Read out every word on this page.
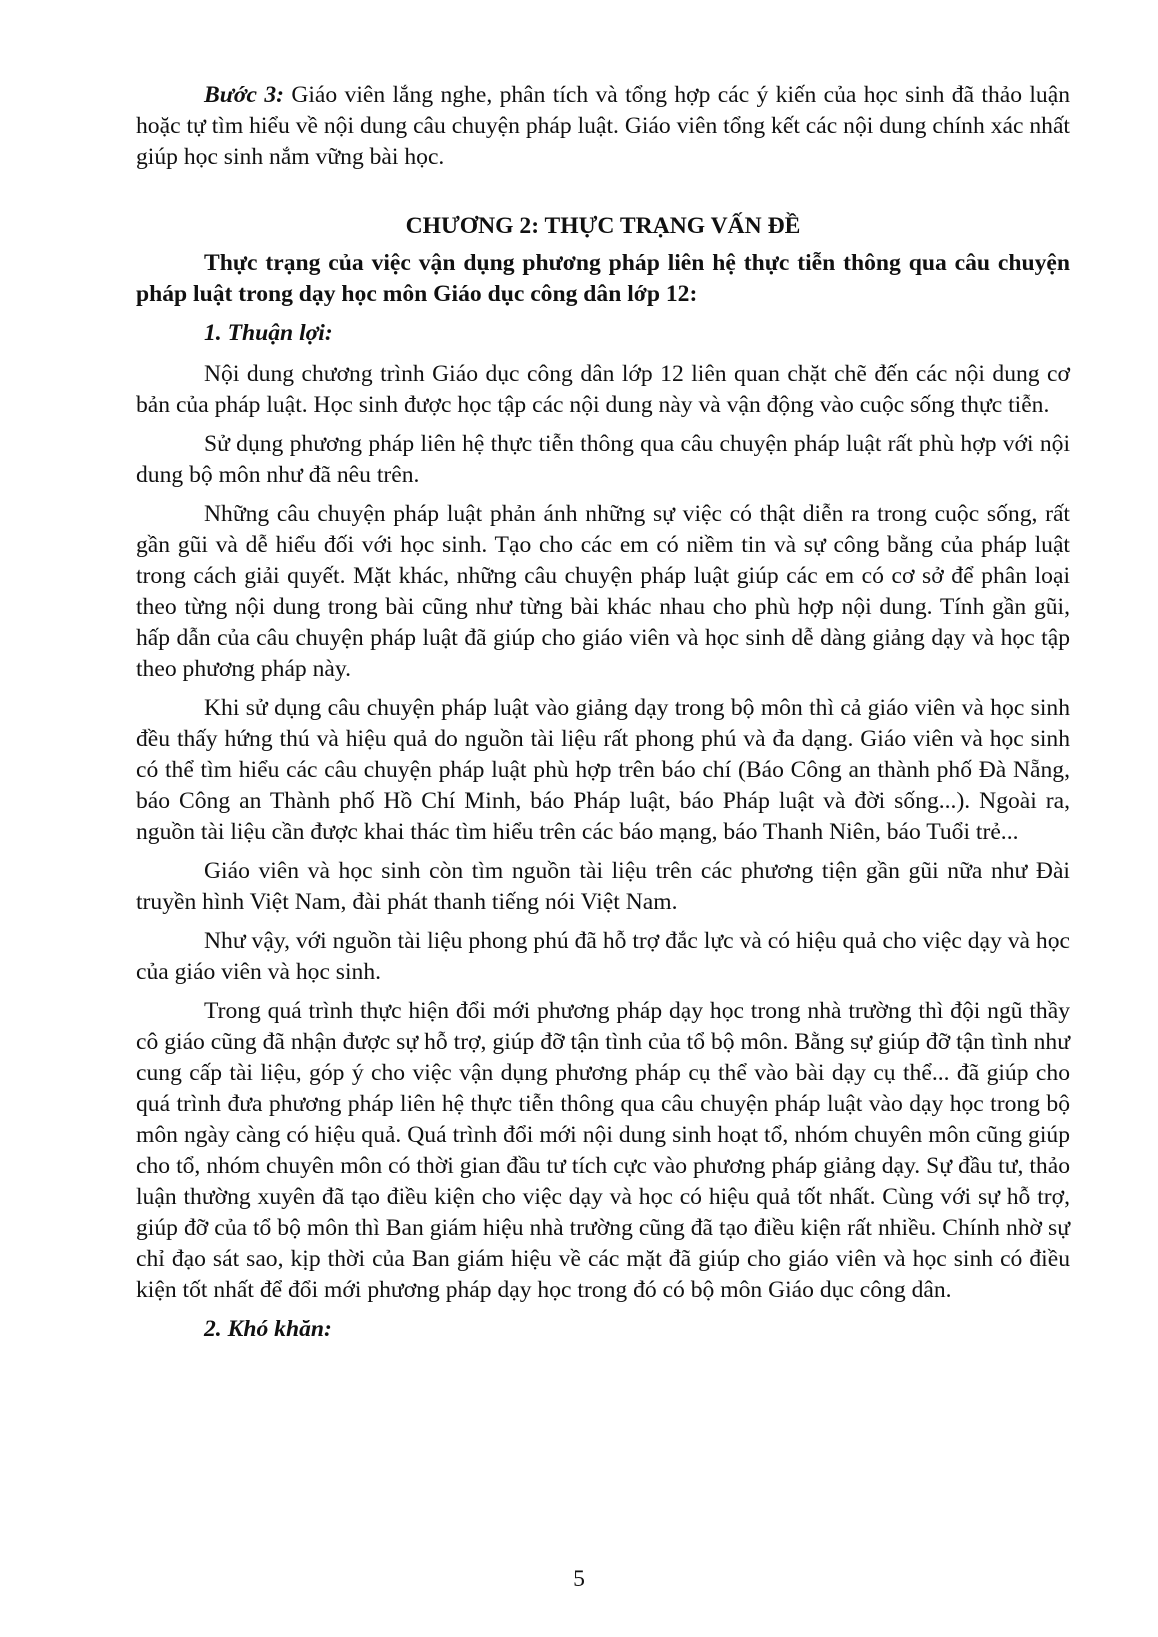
Bước 3: Giáo viên lắng nghe, phân tích và tổng hợp các ý kiến của học sinh đã thảo luận hoặc tự tìm hiểu về nội dung câu chuyện pháp luật. Giáo viên tổng kết các nội dung chính xác nhất giúp học sinh nắm vững bài học.

CHƯƠNG 2: THỰC TRẠNG VẤN ĐỀ

Thực trạng của việc vận dụng phương pháp liên hệ thực tiễn thông qua câu chuyện pháp luật trong dạy học môn Giáo dục công dân lớp 12:

1. Thuận lợi:

Nội dung chương trình Giáo dục công dân lớp 12 liên quan chặt chẽ đến các nội dung cơ bản của pháp luật. Học sinh được học tập các nội dung này và vận động vào cuộc sống thực tiễn.

Sử dụng phương pháp liên hệ thực tiễn thông qua câu chuyện pháp luật rất phù hợp với nội dung bộ môn như đã nêu trên.

Những câu chuyện pháp luật phản ánh những sự việc có thật diễn ra trong cuộc sống, rất gần gũi và dễ hiểu đối với học sinh. Tạo cho các em có niềm tin và sự công bằng của pháp luật trong cách giải quyết. Mặt khác, những câu chuyện pháp luật giúp các em có cơ sở để phân loại theo từng nội dung trong bài cũng như từng bài khác nhau cho phù hợp nội dung. Tính gần gũi, hấp dẫn của câu chuyện pháp luật đã giúp cho giáo viên và học sinh dễ dàng giảng dạy và học tập theo phương pháp này.

Khi sử dụng câu chuyện pháp luật vào giảng dạy trong bộ môn thì cả giáo viên và học sinh đều thấy hứng thú và hiệu quả do nguồn tài liệu rất phong phú và đa dạng. Giáo viên và học sinh có thể tìm hiểu các câu chuyện pháp luật phù hợp trên báo chí (Báo Công an thành phố Đà Nẵng, báo Công an Thành phố Hồ Chí Minh, báo Pháp luật, báo Pháp luật và đời sống...). Ngoài ra, nguồn tài liệu cần được khai thác tìm hiểu trên các báo mạng, báo Thanh Niên, báo Tuổi trẻ...

Giáo viên và học sinh còn tìm nguồn tài liệu trên các phương tiện gần gũi nữa như Đài truyền hình Việt Nam, đài phát thanh tiếng nói Việt Nam.

Như vậy, với nguồn tài liệu phong phú đã hỗ trợ đắc lực và có hiệu quả cho việc dạy và học của giáo viên và học sinh.

Trong quá trình thực hiện đổi mới phương pháp dạy học trong nhà trường thì đội ngũ thầy cô giáo cũng đã nhận được sự hỗ trợ, giúp đỡ tận tình của tổ bộ môn. Bằng sự giúp đỡ tận tình như cung cấp tài liệu, góp ý cho việc vận dụng phương pháp cụ thể vào bài dạy cụ thể... đã giúp cho quá trình đưa phương pháp liên hệ thực tiễn thông qua câu chuyện pháp luật vào dạy học trong bộ môn ngày càng có hiệu quả. Quá trình đổi mới nội dung sinh hoạt tổ, nhóm chuyên môn cũng giúp cho tổ, nhóm chuyên môn có thời gian đầu tư tích cực vào phương pháp giảng dạy. Sự đầu tư, thảo luận thường xuyên đã tạo điều kiện cho việc dạy và học có hiệu quả tốt nhất. Cùng với sự hỗ trợ, giúp đỡ của tổ bộ môn thì Ban giám hiệu nhà trường cũng đã tạo điều kiện rất nhiều. Chính nhờ sự chỉ đạo sát sao, kịp thời của Ban giám hiệu về các mặt đã giúp cho giáo viên và học sinh có điều kiện tốt nhất để đổi mới phương pháp dạy học trong đó có bộ môn Giáo dục công dân.

2. Khó khăn:

5
